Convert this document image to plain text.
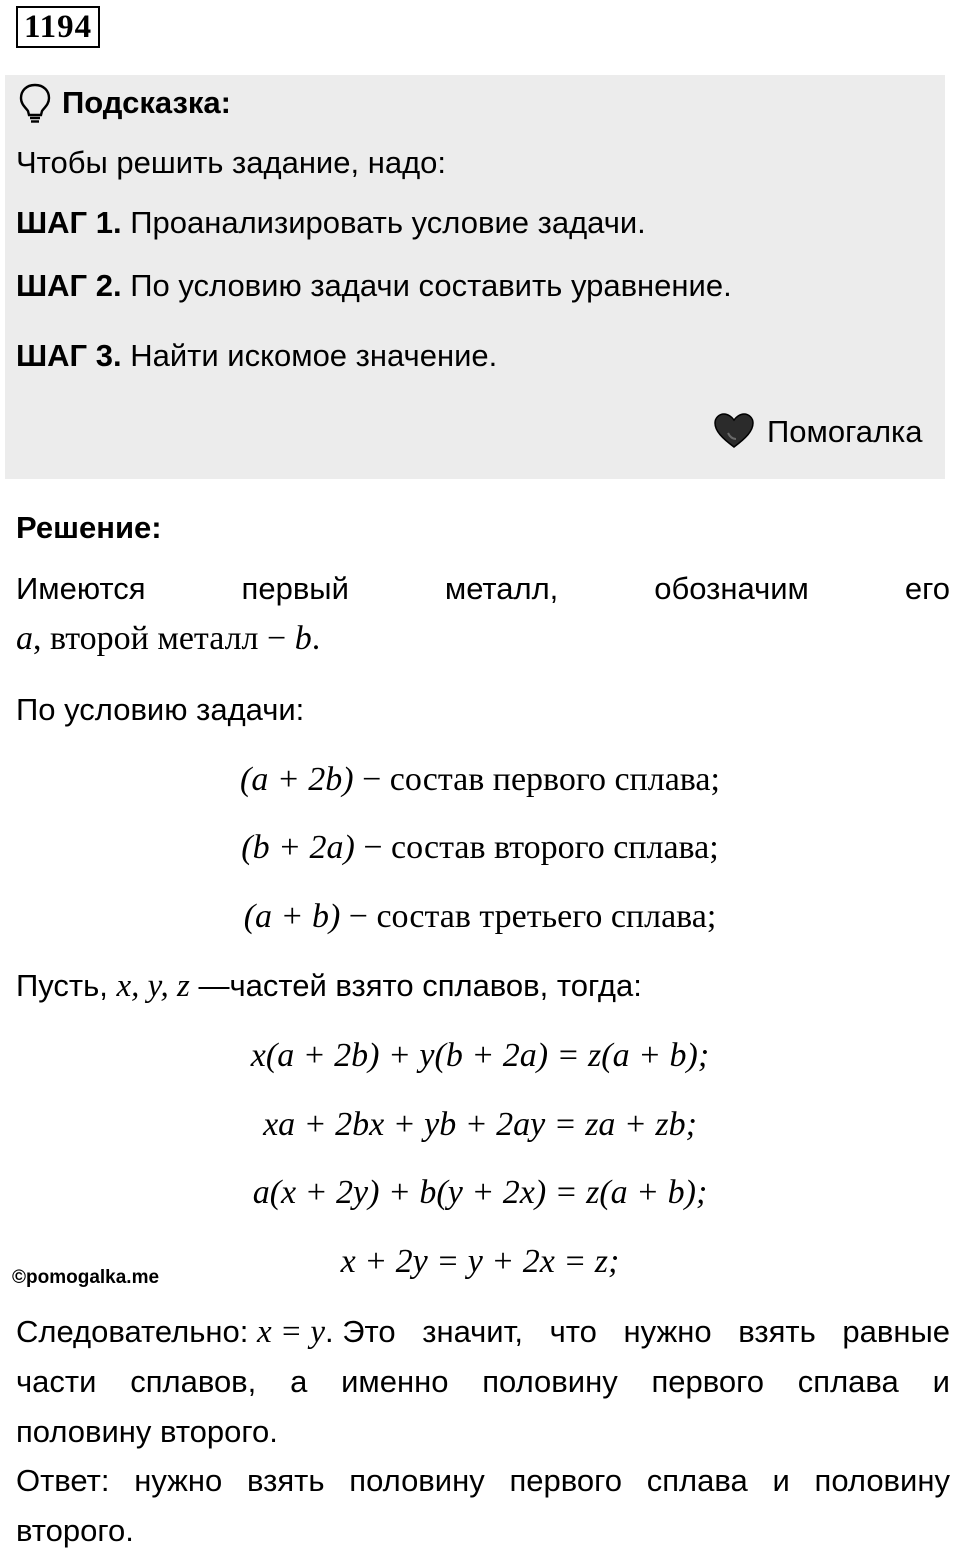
1194
Подсказка:
Чтобы решить задание, надо:
ШАГ 1. Проанализировать условие задачи.
ШАГ 2. По условию задачи составить уравнение.
ШАГ 3. Найти искомое значение.
Помогалка
Решение:
Имеются	первый	металл,	обозначим	его
a, второй металл − b.
По условию задачи:
(a + 2b) − состав первого сплава;
(b + 2a) − состав второго сплава;
(a + b) − состав третьего сплава;
Пусть, x, y, z —частей взято сплавов, тогда:
x(a + 2b) + y(b + 2a) = z(a + b);
xa + 2bx + yb + 2ay = za + zb;
a(x + 2y) + b(y + 2x) = z(a + b);
x + 2y = y + 2x = z;
©pomogalka.me
Следовательно: x = y. Это значит, что нужно взять равные
части сплавов, а именно половину первого сплава и
половину второго.
Ответ: нужно взять половину первого сплава и половину
второго.
